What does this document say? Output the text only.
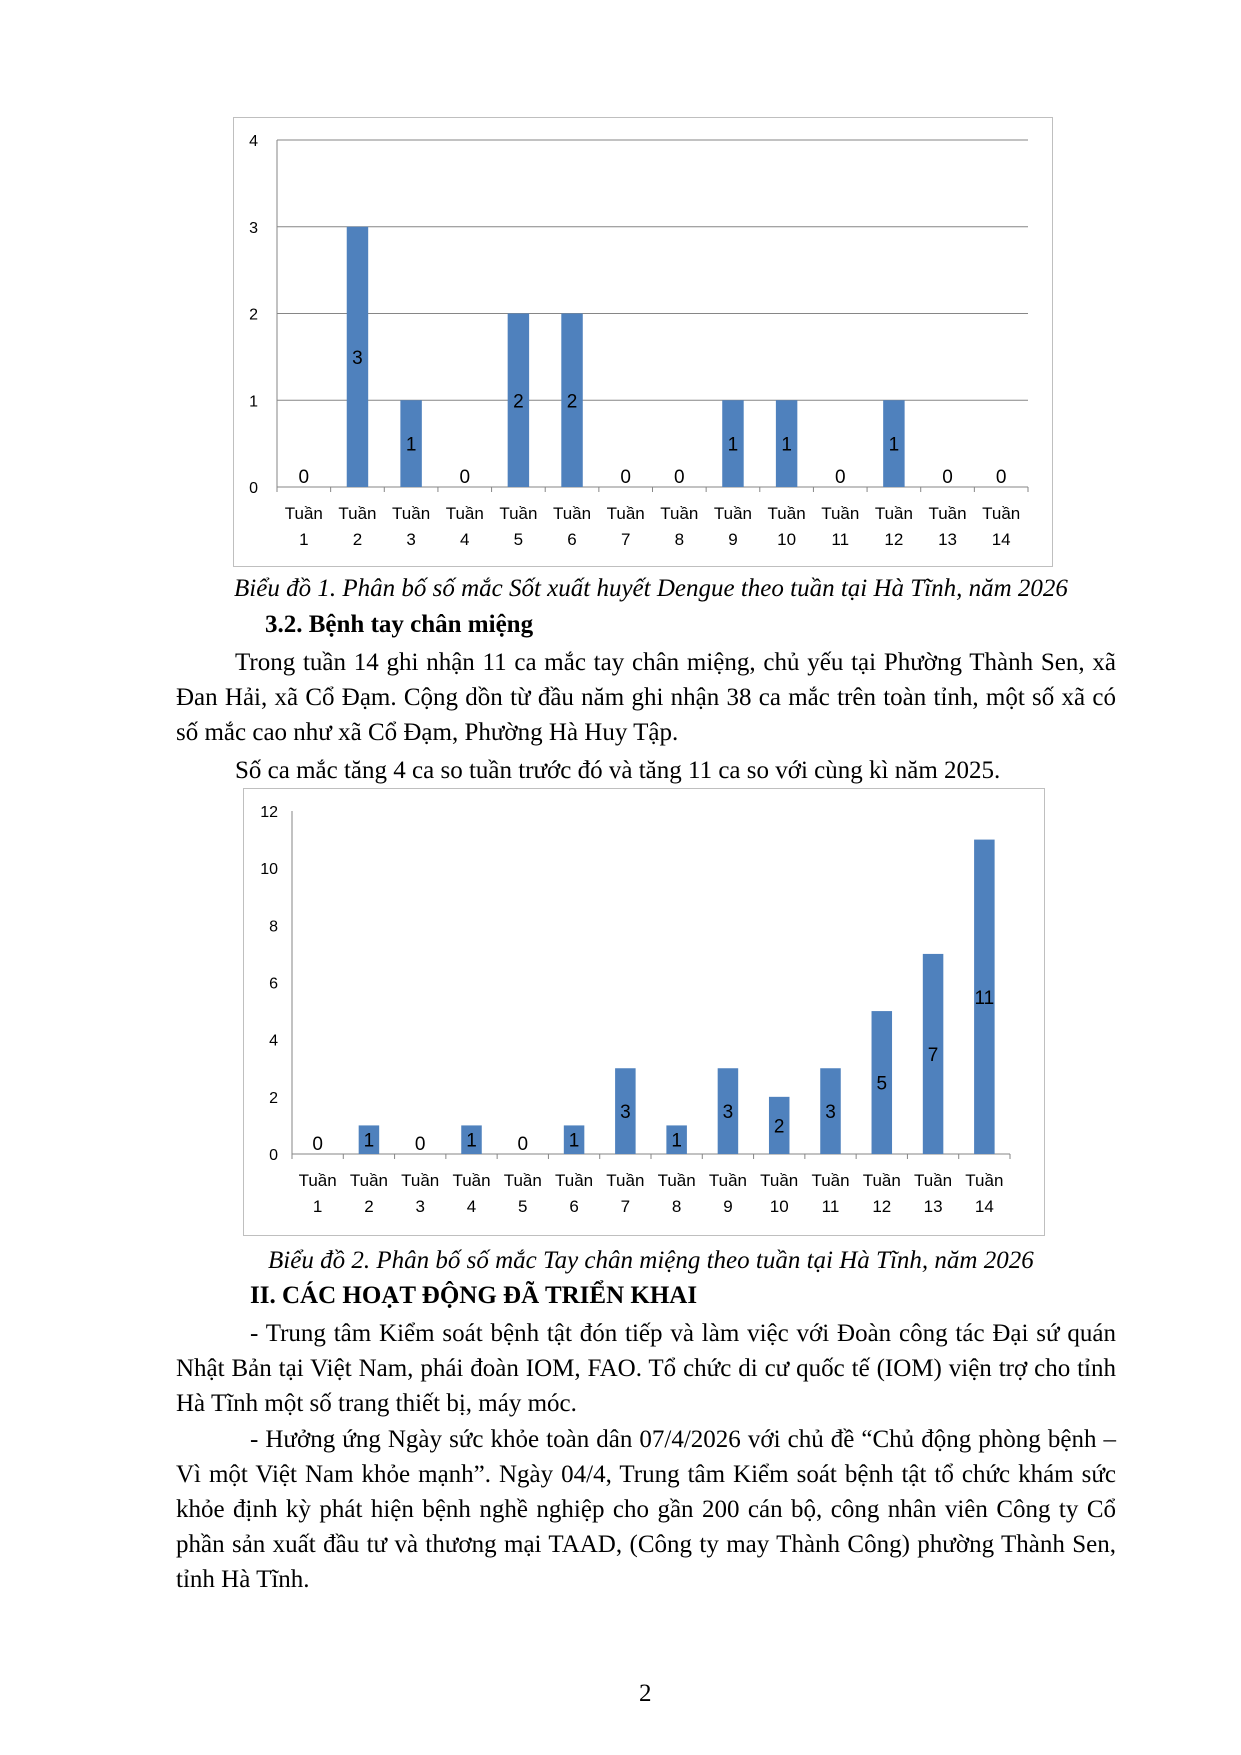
0
1
2
3
4
0
Tuần
1
3
Tuần
2
1
Tuần
3
0
Tuần
4
2
Tuần
5
2
Tuần
6
0
Tuần
7
0
Tuần
8
1
Tuần
9
1
Tuần
10
0
Tuần
11
1
Tuần
12
0
Tuần
13
0
Tuần
14
Biểu đồ 1. Phân bố số mắc Sốt xuất huyết Dengue theo tuần tại Hà Tĩnh, năm 2026
3.2. Bệnh tay chân miệng
Trong tuần 14 ghi nhận 11 ca mắc tay chân miệng, chủ yếu tại Phường Thành Sen, xã Đan Hải, xã Cổ Đạm. Cộng dồn từ đầu năm ghi nhận 38 ca mắc trên toàn tỉnh, một số xã có số mắc cao như xã Cổ Đạm, Phường Hà Huy Tập.
Số ca mắc tăng 4 ca so tuần trước đó và tăng 11 ca so với cùng kì năm 2025.
0
2
4
6
8
10
12
0
Tuần
1
1
Tuần
2
0
Tuần
3
1
Tuần
4
0
Tuần
5
1
Tuần
6
3
Tuần
7
1
Tuần
8
3
Tuần
9
2
Tuần
10
3
Tuần
11
5
Tuần
12
7
Tuần
13
11
Tuần
14
Biểu đồ 2. Phân bố số mắc Tay chân miệng theo tuần tại Hà Tĩnh, năm 2026
II. CÁC HOẠT ĐỘNG ĐÃ TRIỂN KHAI
- Trung tâm Kiểm soát bệnh tật đón tiếp và làm việc với Đoàn công tác Đại sứ quán Nhật Bản tại Việt Nam, phái đoàn IOM, FAO. Tổ chức di cư quốc tế (IOM) viện trợ cho tỉnh Hà Tĩnh một số trang thiết bị, máy móc.
- Hưởng ứng Ngày sức khỏe toàn dân 07/4/2026 với chủ đề “Chủ động phòng bệnh – Vì một Việt Nam khỏe mạnh”. Ngày 04/4, Trung tâm Kiểm soát bệnh tật tổ chức khám sức khỏe định kỳ phát hiện bệnh nghề nghiệp cho gần 200 cán bộ, công nhân viên Công ty Cổ phần sản xuất đầu tư và thương mại TAAD, (Công ty may Thành Công) phường Thành Sen, tỉnh Hà Tĩnh.
2
